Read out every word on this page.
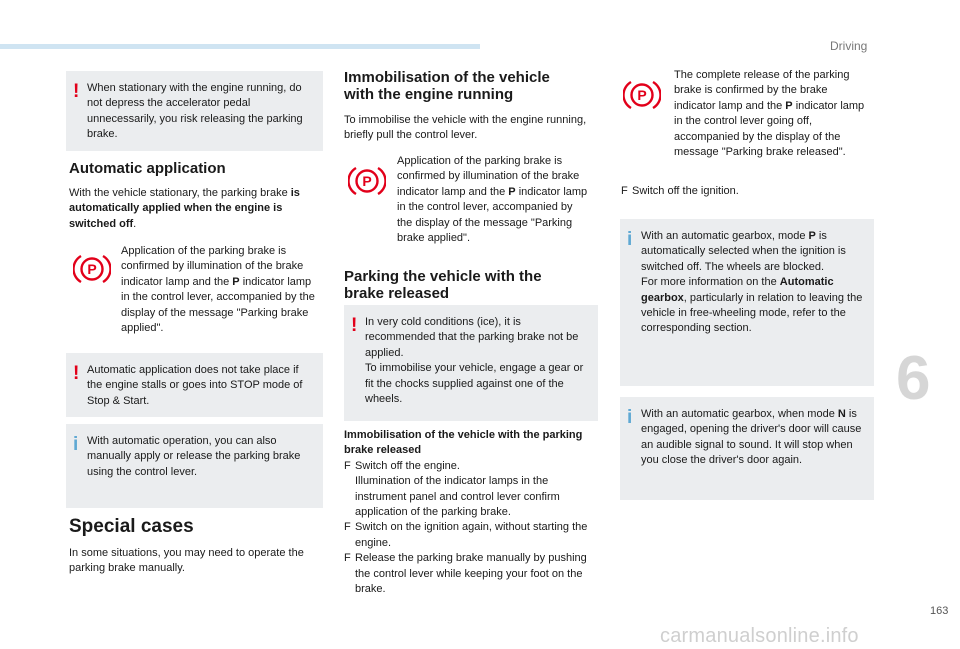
Driving
6
163
carmanualsonline.info
! When stationary with the engine running, do not depress the accelerator pedal unnecessarily, you risk releasing the parking brake.

Automatic application

With the vehicle stationary, the parking brake is automatically applied when the engine is switched off.

P

Application of the parking brake is confirmed by illumination of the brake indicator lamp and the P indicator lamp in the control lever, accompanied by the display of the message "Parking brake applied".

! Automatic application does not take place if the engine stalls or goes into STOP mode of Stop & Start.

i With automatic operation, you can also manually apply or release the parking brake using the control lever.

Special cases

In some situations, you may need to operate the parking brake manually.

Immobilisation of the vehicle
with the engine running

To immobilise the vehicle with the engine running, briefly pull the control lever.

P

Application of the parking brake is confirmed by illumination of the brake indicator lamp and the P indicator lamp in the control lever, accompanied by the display of the message "Parking brake applied".

Parking the vehicle with the
brake released
! In very cold conditions (ice), it is recommended that the parking brake not be applied.

To immobilise your vehicle, engage a gear or fit the chocks supplied against one of the wheels.

Immobilisation of the vehicle with the parking brake released

F Switch off the engine.
Illumination of the indicator lamps in the instrument panel and control lever confirm application of the parking brake.

F Switch on the ignition again, without starting the engine.

F Release the parking brake manually by pushing the control lever while keeping your foot on the brake.

P

The complete release of the parking brake is confirmed by the brake indicator lamp and the P indicator lamp in the control lever going off, accompanied by the display of the message "Parking brake released".

F Switch off the ignition.

i With an automatic gearbox, mode P is automatically selected when the ignition is switched off. The wheels are blocked.

For more information on the Automatic gearbox, particularly in relation to leaving the vehicle in free-wheeling mode, refer to the corresponding section.

i With an automatic gearbox, when mode N is engaged, opening the driver's door will cause an audible signal to sound. It will stop when you close the driver's door again.
